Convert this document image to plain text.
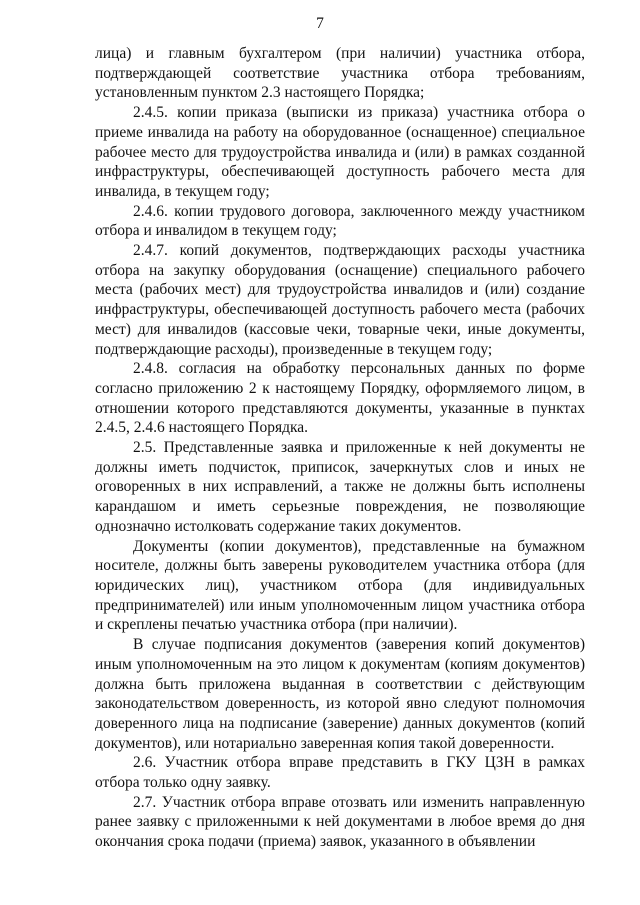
7

лица) и главным бухгалтером (при наличии) участника отбора, подтверждающей соответствие участника отбора требованиям, установленным пунктом 2.3 настоящего Порядка;

2.4.5. копии приказа (выписки из приказа) участника отбора о приеме инвалида на работу на оборудованное (оснащенное) специальное рабочее место для трудоустройства инвалида и (или) в рамках созданной инфраструктуры, обеспечивающей доступность рабочего места для инвалида, в текущем году;

2.4.6. копии трудового договора, заключенного между участником отбора и инвалидом в текущем году;

2.4.7. копий документов, подтверждающих расходы участника отбора на закупку оборудования (оснащение) специального рабочего места (рабочих мест) для трудоустройства инвалидов и (или) создание инфраструктуры, обеспечивающей доступность рабочего места (рабочих мест) для инвалидов (кассовые чеки, товарные чеки, иные документы, подтверждающие расходы), произведенные в текущем году;

2.4.8. согласия на обработку персональных данных по форме согласно приложению 2 к настоящему Порядку, оформляемого лицом, в отношении которого представляются документы, указанные в пунктах 2.4.5, 2.4.6 настоящего Порядка.

2.5. Представленные заявка и приложенные к ней документы не должны иметь подчисток, приписок, зачеркнутых слов и иных не оговоренных в них исправлений, а также не должны быть исполнены карандашом и иметь серьезные повреждения, не позволяющие однозначно истолковать содержание таких документов.

Документы (копии документов), представленные на бумажном носителе, должны быть заверены руководителем участника отбора (для юридических лиц), участником отбора (для индивидуальных предпринимателей) или иным уполномоченным лицом участника отбора и скреплены печатью участника отбора (при наличии).

В случае подписания документов (заверения копий документов) иным уполномоченным на это лицом к документам (копиям документов) должна быть приложена выданная в соответствии с действующим законодательством доверенность, из которой явно следуют полномочия доверенного лица на подписание (заверение) данных документов (копий документов), или нотариально заверенная копия такой доверенности.

2.6. Участник отбора вправе представить в ГКУ ЦЗН в рамках отбора только одну заявку.

2.7. Участник отбора вправе отозвать или изменить направленную ранее заявку с приложенными к ней документами в любое время до дня окончания срока подачи (приема) заявок, указанного в объявлении
